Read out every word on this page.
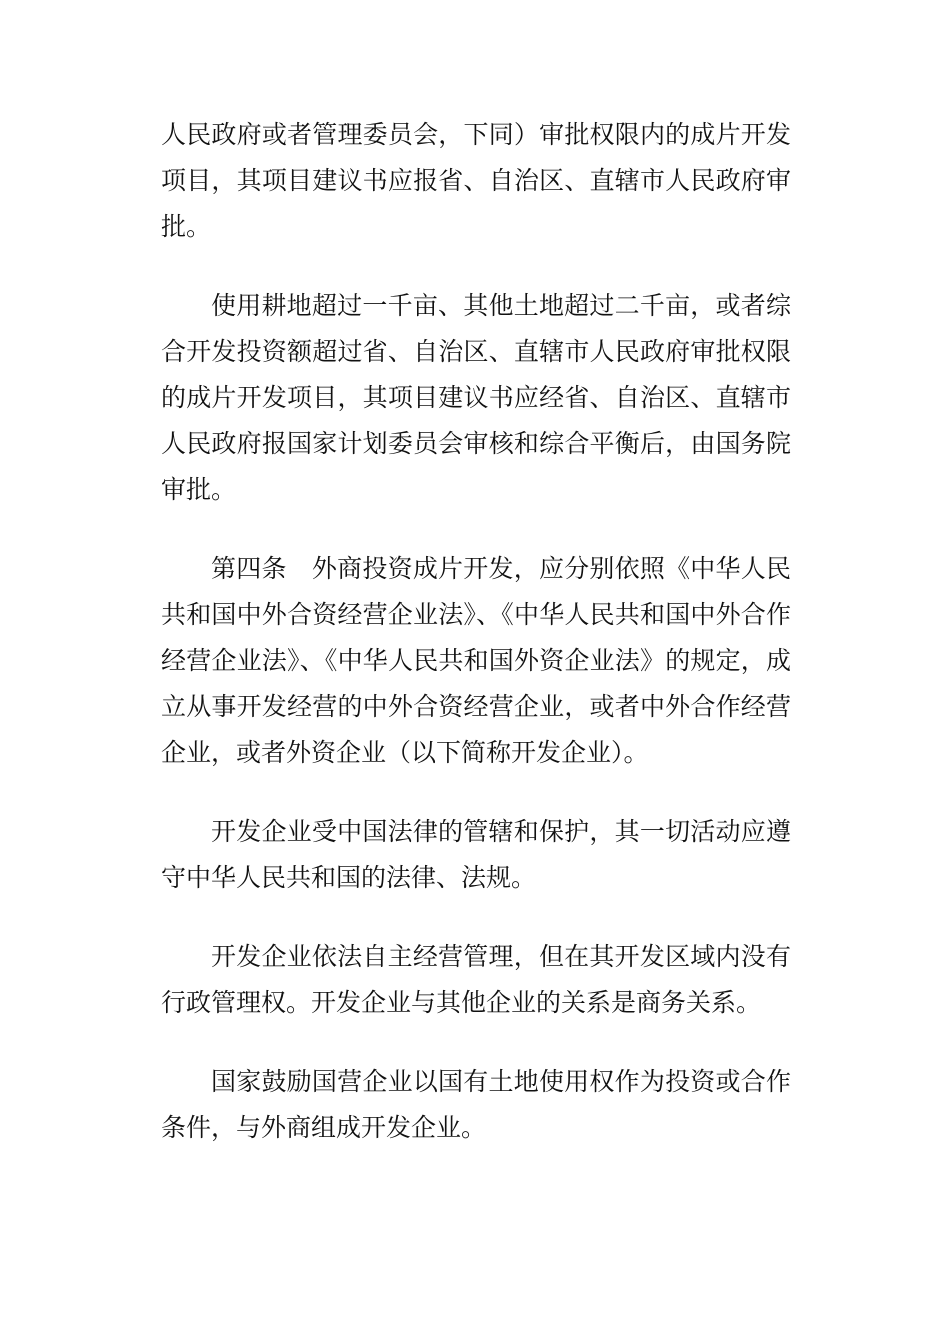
人民政府或者管理委员会，下同）审批权限内的成片开发项目，其项目建议书应报省、自治区、直辖市人民政府审批。

使用耕地超过一千亩、其他土地超过二千亩，或者综合开发投资额超过省、自治区、直辖市人民政府审批权限的成片开发项目，其项目建议书应经省、自治区、直辖市人民政府报国家计划委员会审核和综合平衡后，由国务院审批。

第四条　外商投资成片开发，应分别依照《中华人民共和国中外合资经营企业法》、《中华人民共和国中外合作经营企业法》、《中华人民共和国外资企业法》的规定，成立从事开发经营的中外合资经营企业，或者中外合作经营企业，或者外资企业（以下简称开发企业）。

开发企业受中国法律的管辖和保护，其一切活动应遵守中华人民共和国的法律、法规。

开发企业依法自主经营管理，但在其开发区域内没有行政管理权。开发企业与其他企业的关系是商务关系。

国家鼓励国营企业以国有土地使用权作为投资或合作条件，与外商组成开发企业。
